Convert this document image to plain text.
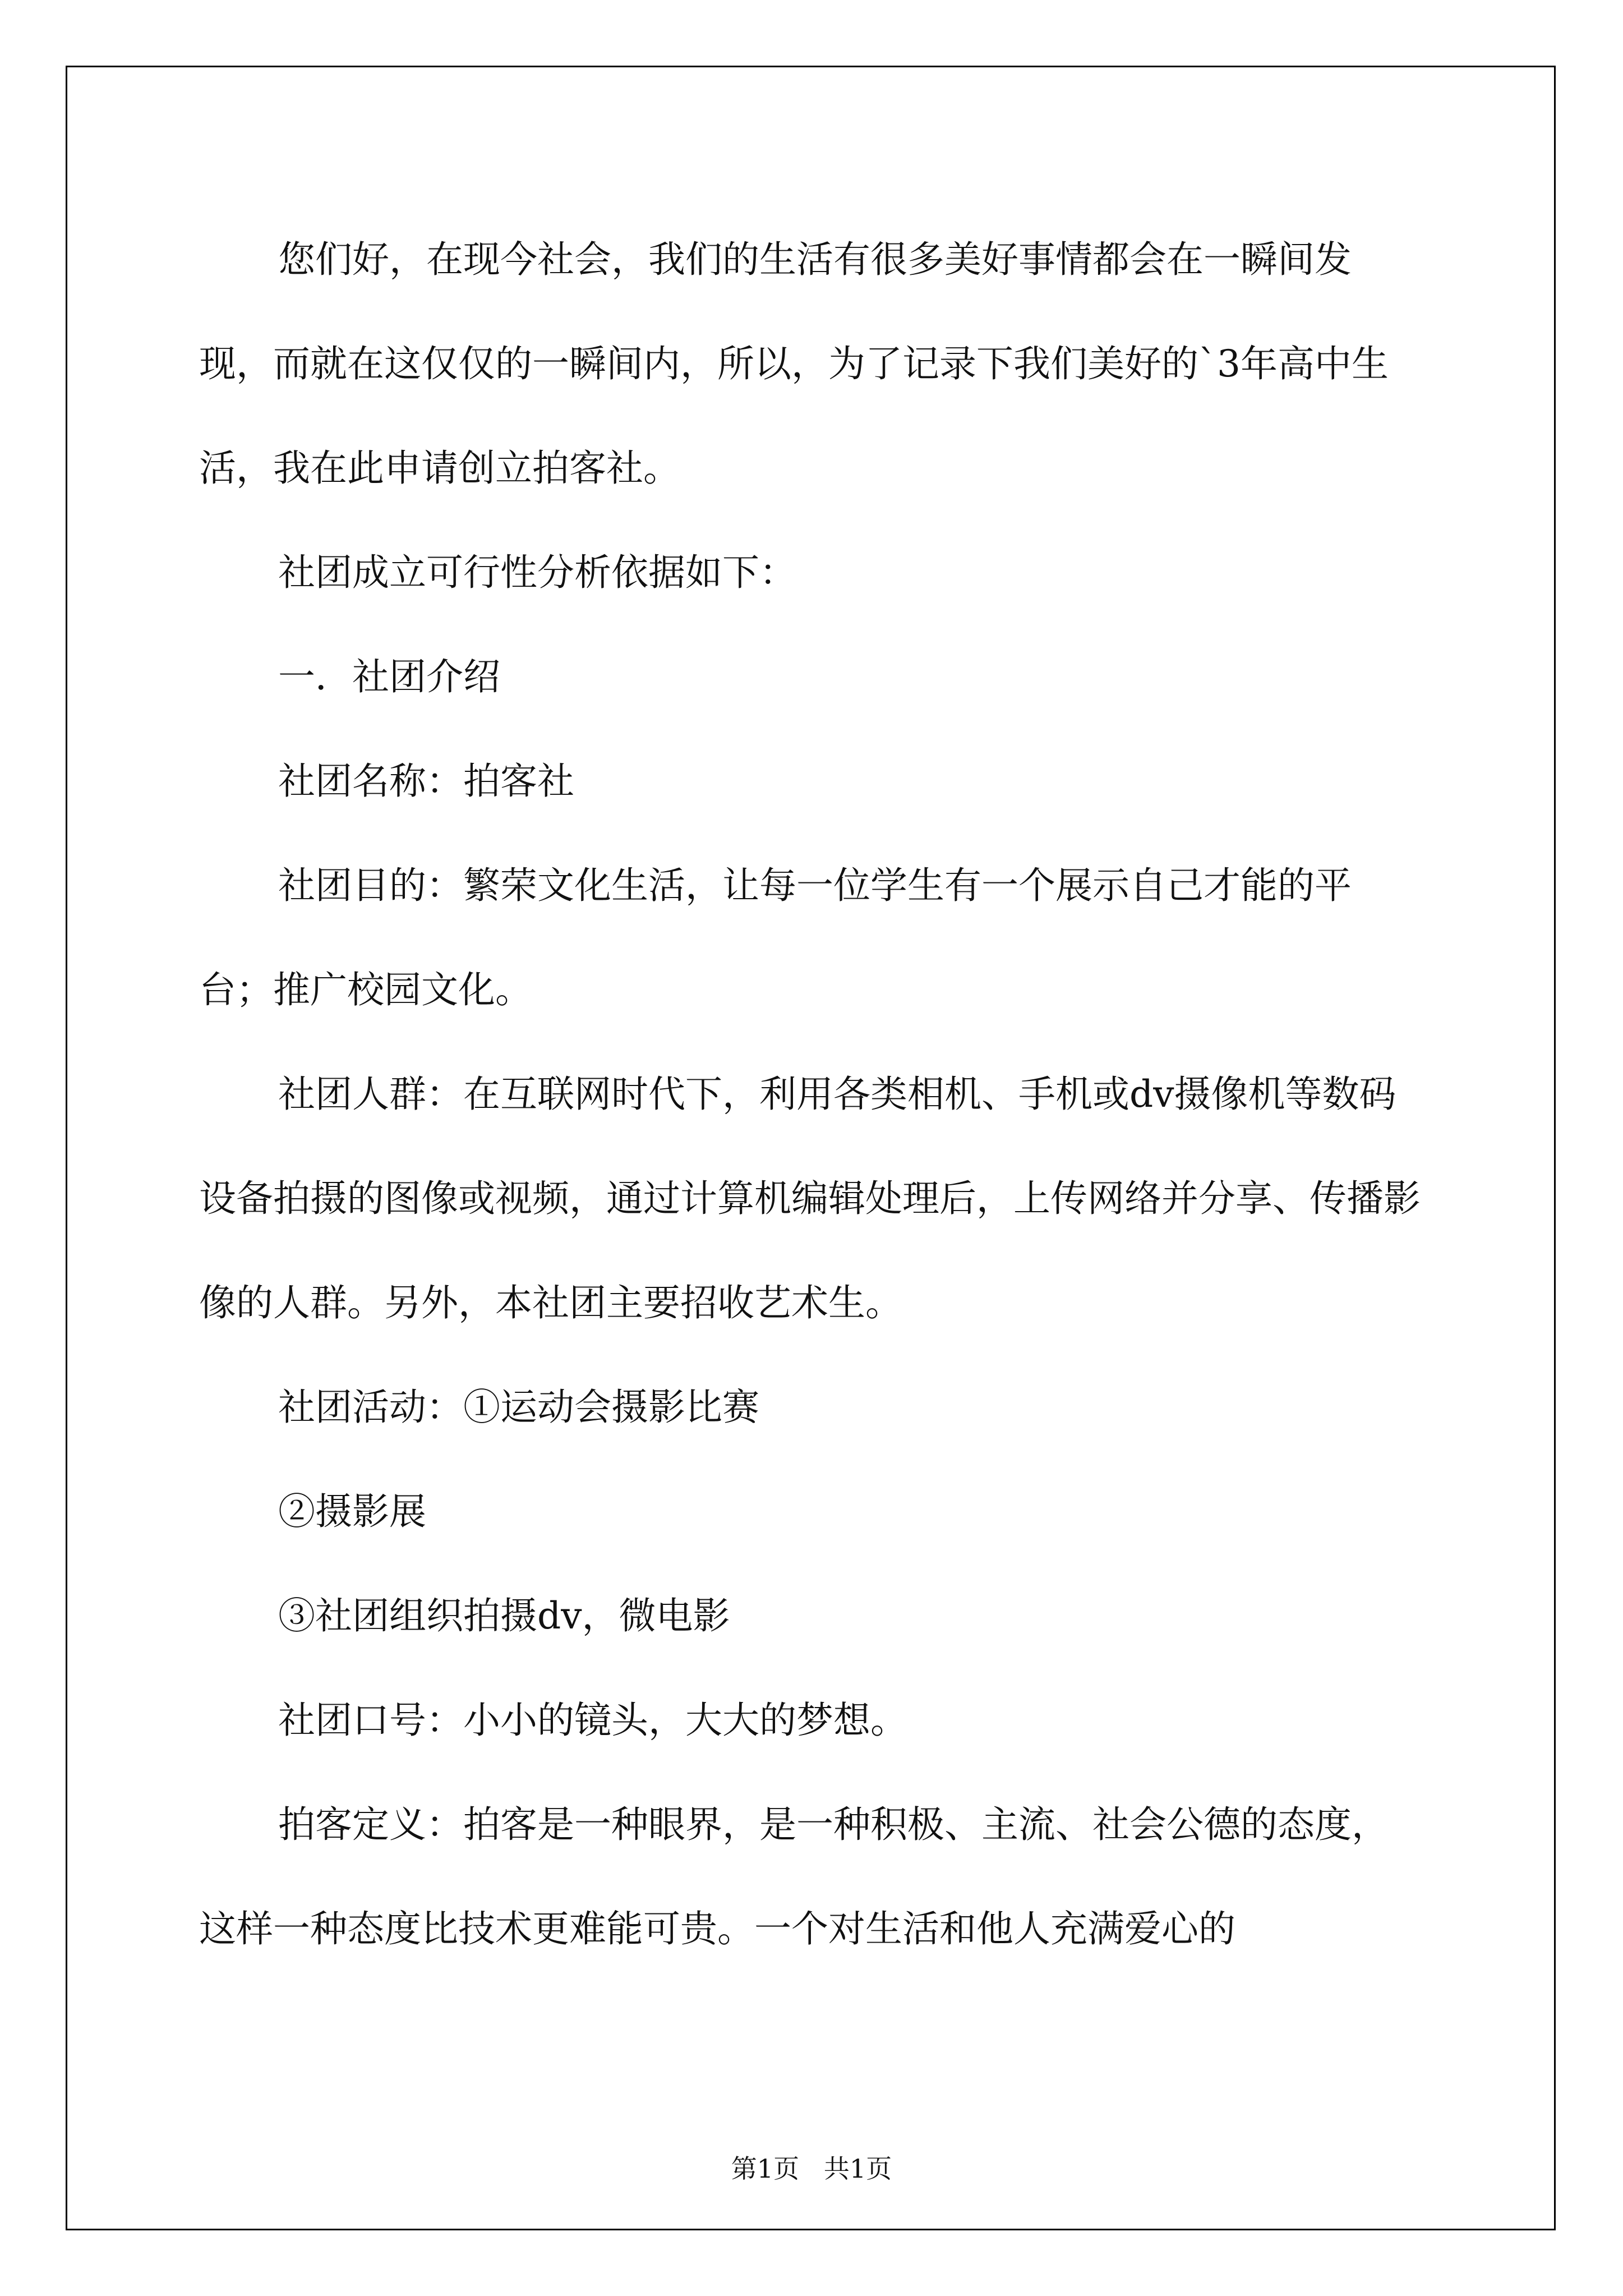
您们好，在现今社会，我们的生活有很多美好事情都会在一瞬间发现，而就在这仅仅的一瞬间内，所以，为了记录下我们美好的`3年高中生活，我在此申请创立拍客社。

社团成立可行性分析依据如下：

一．社团介绍

社团名称：拍客社

社团目的：繁荣文化生活，让每一位学生有一个展示自己才能的平台；推广校园文化。

社团人群：在互联网时代下，利用各类相机、手机或dv摄像机等数码设备拍摄的图像或视频，通过计算机编辑处理后，上传网络并分享、传播影像的人群。另外，本社团主要招收艺术生。

社团活动：①运动会摄影比赛

②摄影展

③社团组织拍摄dv，微电影

社团口号：小小的镜头，大大的梦想。

拍客定义：拍客是一种眼界，是一种积极、主流、社会公德的态度，这样一种态度比技术更难能可贵。一个对生活和他人充满爱心的

第1页   共1页
